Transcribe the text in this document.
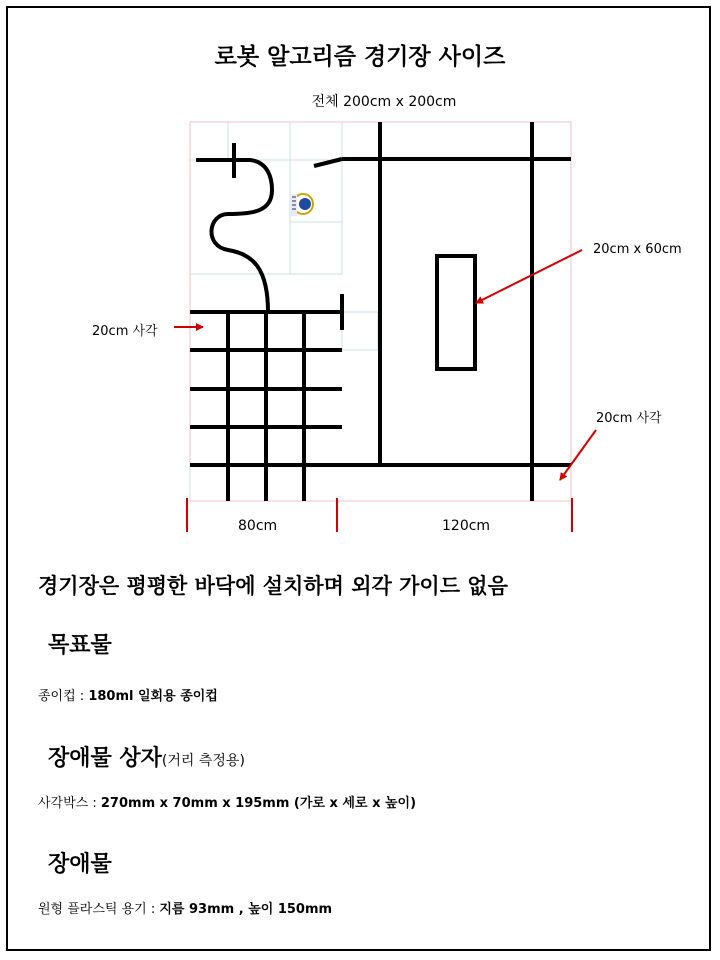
로봇 알고리즘 경기장 사이즈
전체 200cm x 200cm
20cm 사각
20cm x 60cm
20cm 사각
80cm	120cm
경기장은 평평한 바닥에 설치하며 외각 가이드 없음
목표물
종이컵 : 180ml 일회용 종이컵
장애물 상자(거리 측정용)
사각박스 : 270mm x 70mm x 195mm (가로 x 세로 x 높이)
장애물
원형 플라스틱 용기 : 지름 93mm , 높이 150mm
